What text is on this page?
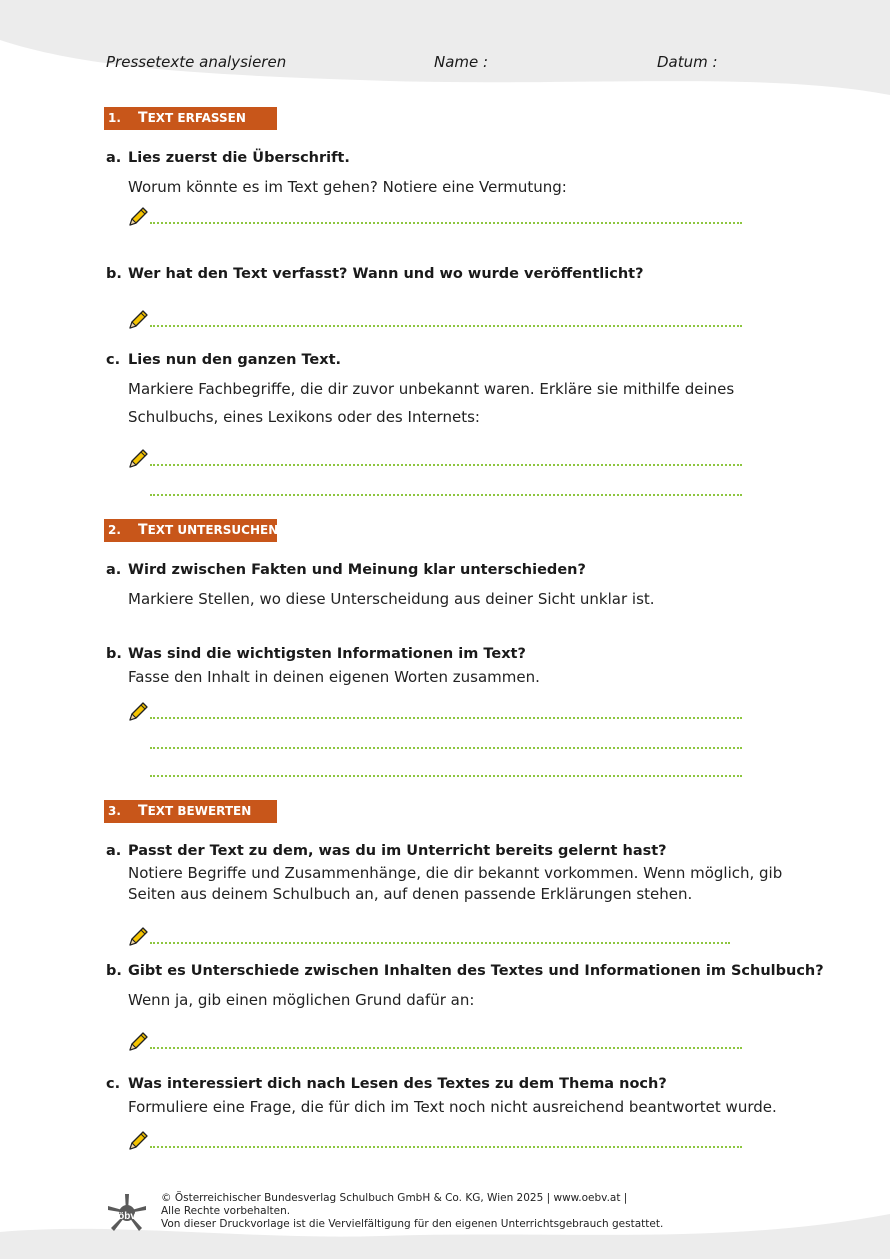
Pressetexte analysieren	Name :	Datum :
1. TEXT ERFASSEN
a. Lies zuerst die Überschrift.
Worum könnte es im Text gehen? Notiere eine Vermutung:
b. Wer hat den Text verfasst? Wann und wo wurde veröffentlicht?
c. Lies nun den ganzen Text.
Markiere Fachbegriffe, die dir zuvor unbekannt waren. Erkläre sie mithilfe deines
Schulbuchs, eines Lexikons oder des Internets:
2. TEXT UNTERSUCHEN
a. Wird zwischen Fakten und Meinung klar unterschieden?
Markiere Stellen, wo diese Unterscheidung aus deiner Sicht unklar ist.
b. Was sind die wichtigsten Informationen im Text?
Fasse den Inhalt in deinen eigenen Worten zusammen.
3. TEXT BEWERTEN
a. Passt der Text zu dem, was du im Unterricht bereits gelernt hast?
Notiere Begriffe und Zusammenhänge, die dir bekannt vorkommen. Wenn möglich, gib
Seiten aus deinem Schulbuch an, auf denen passende Erklärungen stehen.
b. Gibt es Unterschiede zwischen Inhalten des Textes und Informationen im Schulbuch?
Wenn ja, gib einen möglichen Grund dafür an:
c. Was interessiert dich nach Lesen des Textes zu dem Thema noch?
Formuliere eine Frage, die für dich im Text noch nicht ausreichend beantwortet wurde.
öbv
© Österreichischer Bundesverlag Schulbuch GmbH & Co. KG, Wien 2025 | www.oebv.at |
Alle Rechte vorbehalten.
Von dieser Druckvorlage ist die Vervielfältigung für den eigenen Unterrichtsgebrauch gestattet.
